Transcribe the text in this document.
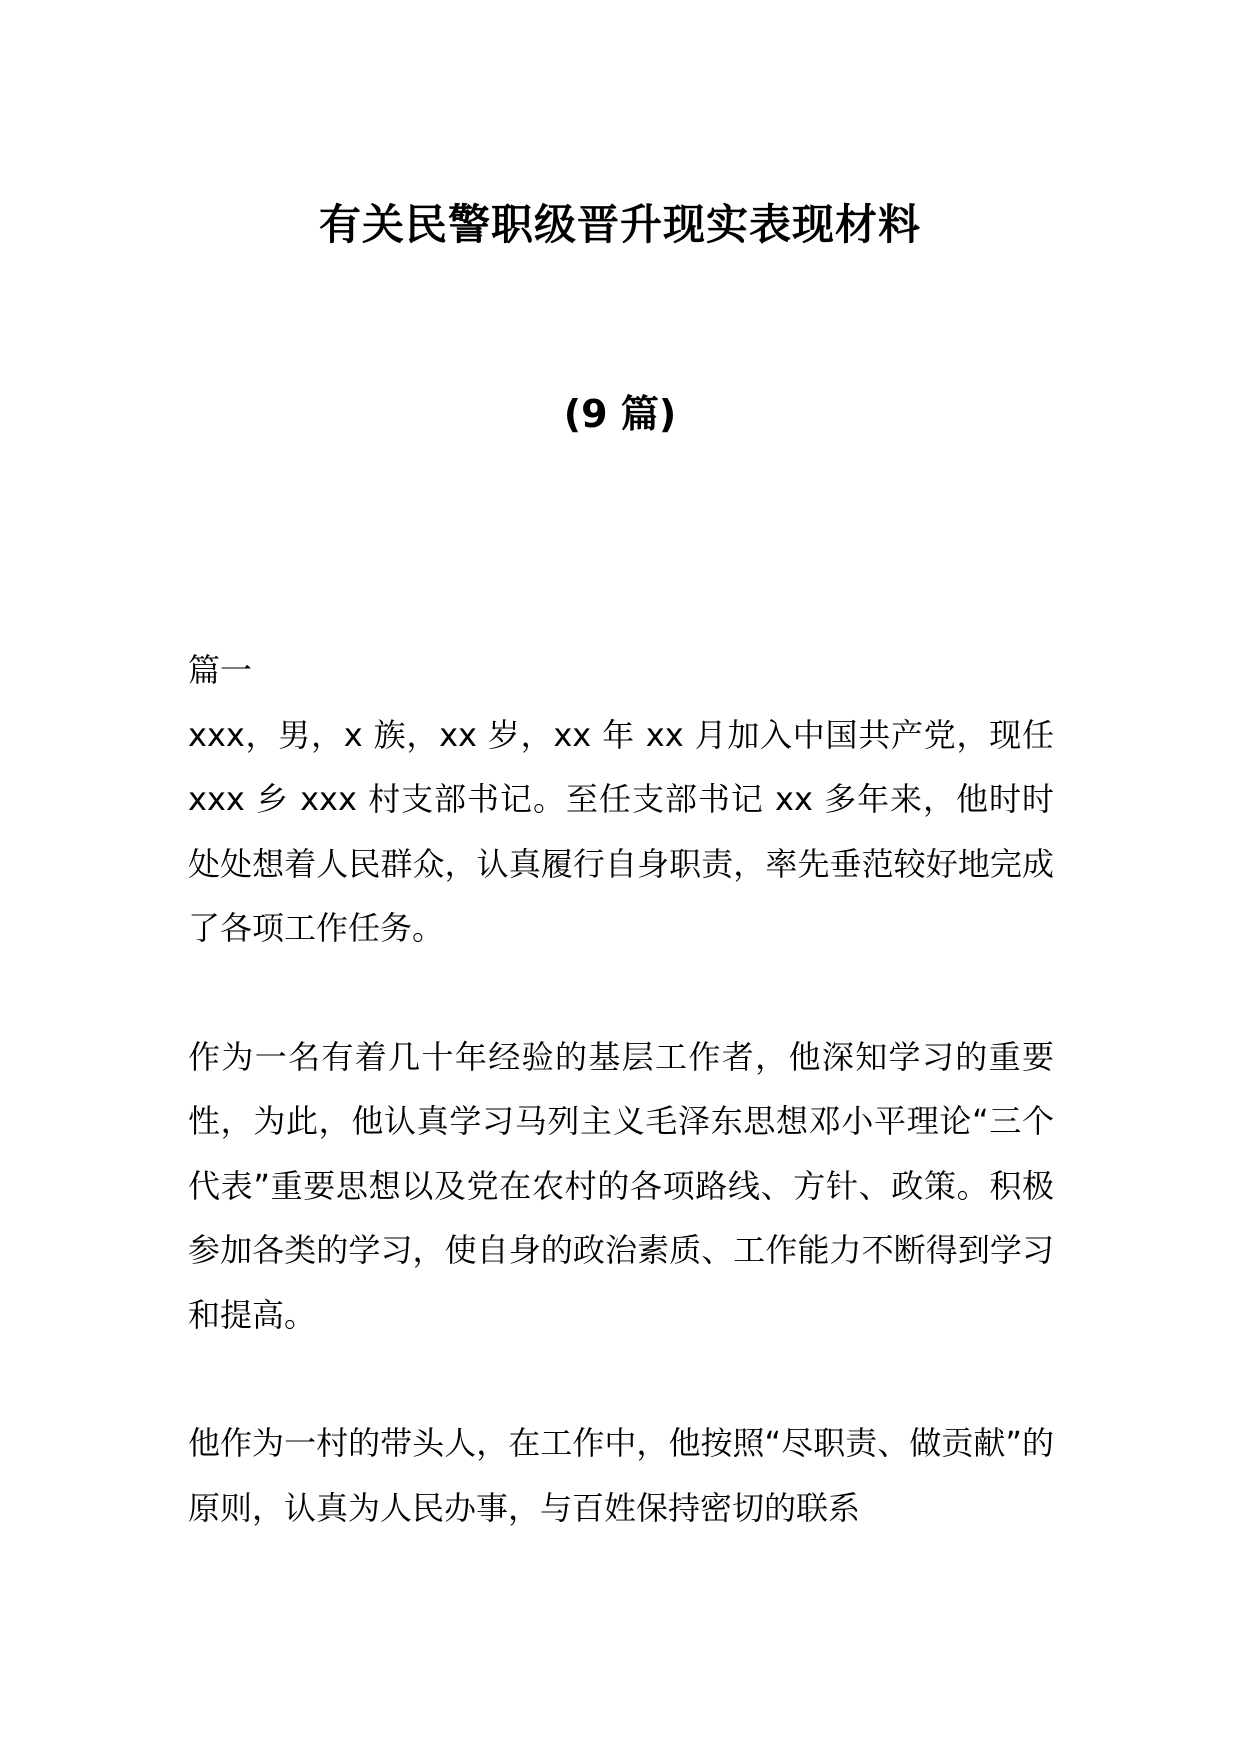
有关民警职级晋升现实表现材料
(9 篇)

篇一

xxx，男，x 族，xx 岁，xx 年 xx 月加入中国共产党，现任 xxx 乡 xxx 村支部书记。至任支部书记 xx 多年来，他时时处处想着人民群众，认真履行自身职责，率先垂范较好地完成了各项工作任务。

作为一名有着几十年经验的基层工作者，他深知学习的重要性，为此，他认真学习马列主义毛泽东思想邓小平理论“三个代表”重要思想以及党在农村的各项路线、方针、政策。积极参加各类的学习，使自身的政治素质、工作能力不断得到学习和提高。

他作为一村的带头人，在工作中，他按照“尽职责、做贡献”的原则，认真为人民办事，与百姓保持密切的联系
